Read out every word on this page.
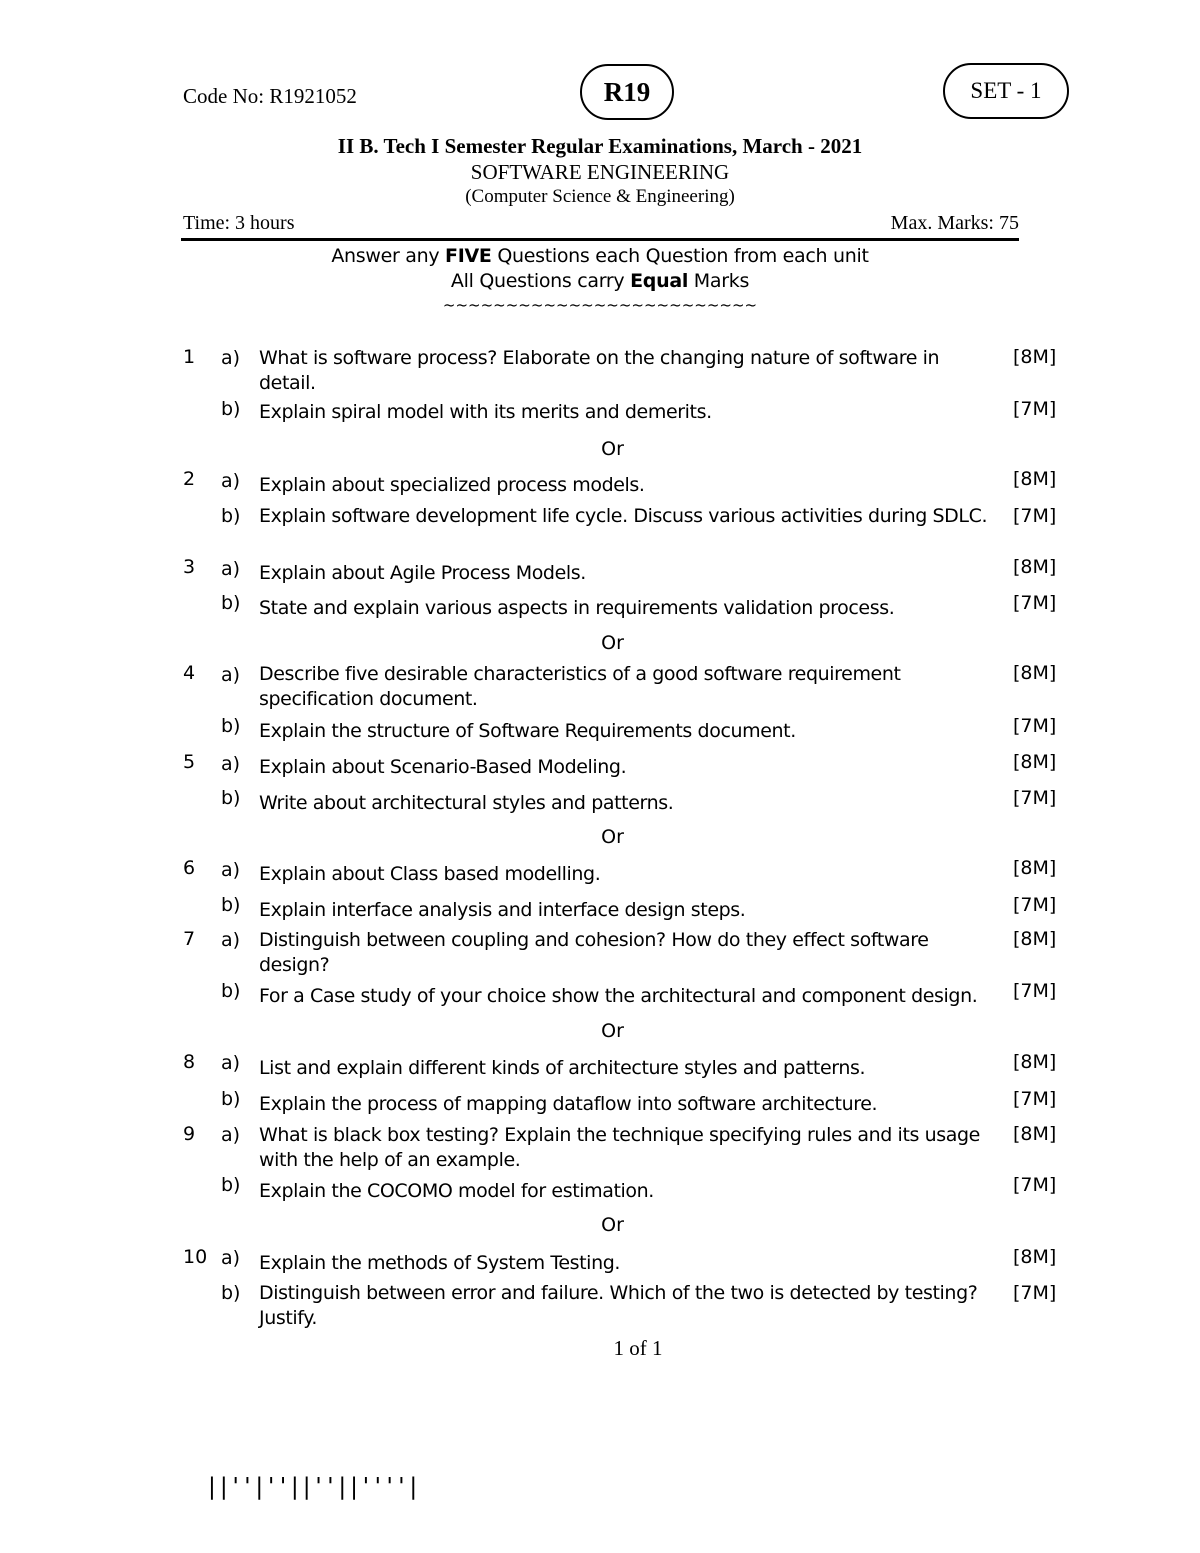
Code No: R1921052	R19	SET - 1
II B. Tech I Semester Regular Examinations, March - 2021
SOFTWARE ENGINEERING
(Computer Science & Engineering)
Time: 3 hours	Max. Marks: 75
Answer any FIVE Questions each Question from each unit
All Questions carry Equal Marks
~~~~~~~~~~~~~~~~~~~~~~~~~
1 a) What is software process? Elaborate on the changing nature of software in detail.
[8M]
b) Explain spiral model with its merits and demerits.	[7M]
Or
2 a) Explain about specialized process models.	[8M]
b) Explain software development life cycle. Discuss various activities during SDLC. [7M]
3 a) Explain about Agile Process Models.	[8M]
b) State and explain various aspects in requirements validation process.	[7M]
Or
4 a) Describe five desirable characteristics of a good software requirement specification document.
[8M]
b) Explain the structure of Software Requirements document.	[7M]
5 a) Explain about Scenario-Based Modeling.	[8M]
b) Write about architectural styles and patterns.	[7M]
Or
6 a) Explain about Class based modelling.	[8M]
b) Explain interface analysis and interface design steps.	[7M]
7 a) Distinguish between coupling and cohesion? How do they effect software design?
[8M]
b) For a Case study of your choice show the architectural and component design.	[7M]
Or
8 a) List and explain different kinds of architecture styles and patterns.	[8M]
b) Explain the process of mapping dataflow into software architecture.	[7M]
9 a) What is black box testing? Explain the technique specifying rules and its usage with the help of an example.
[8M]
b) Explain the COCOMO model for estimation.	[7M]
Or
10 a) Explain the methods of System Testing.	[8M]
b) Distinguish between error and failure. Which of the two is detected by testing? Justify.
[7M]
1 of 1
||''|''||''||''''|
